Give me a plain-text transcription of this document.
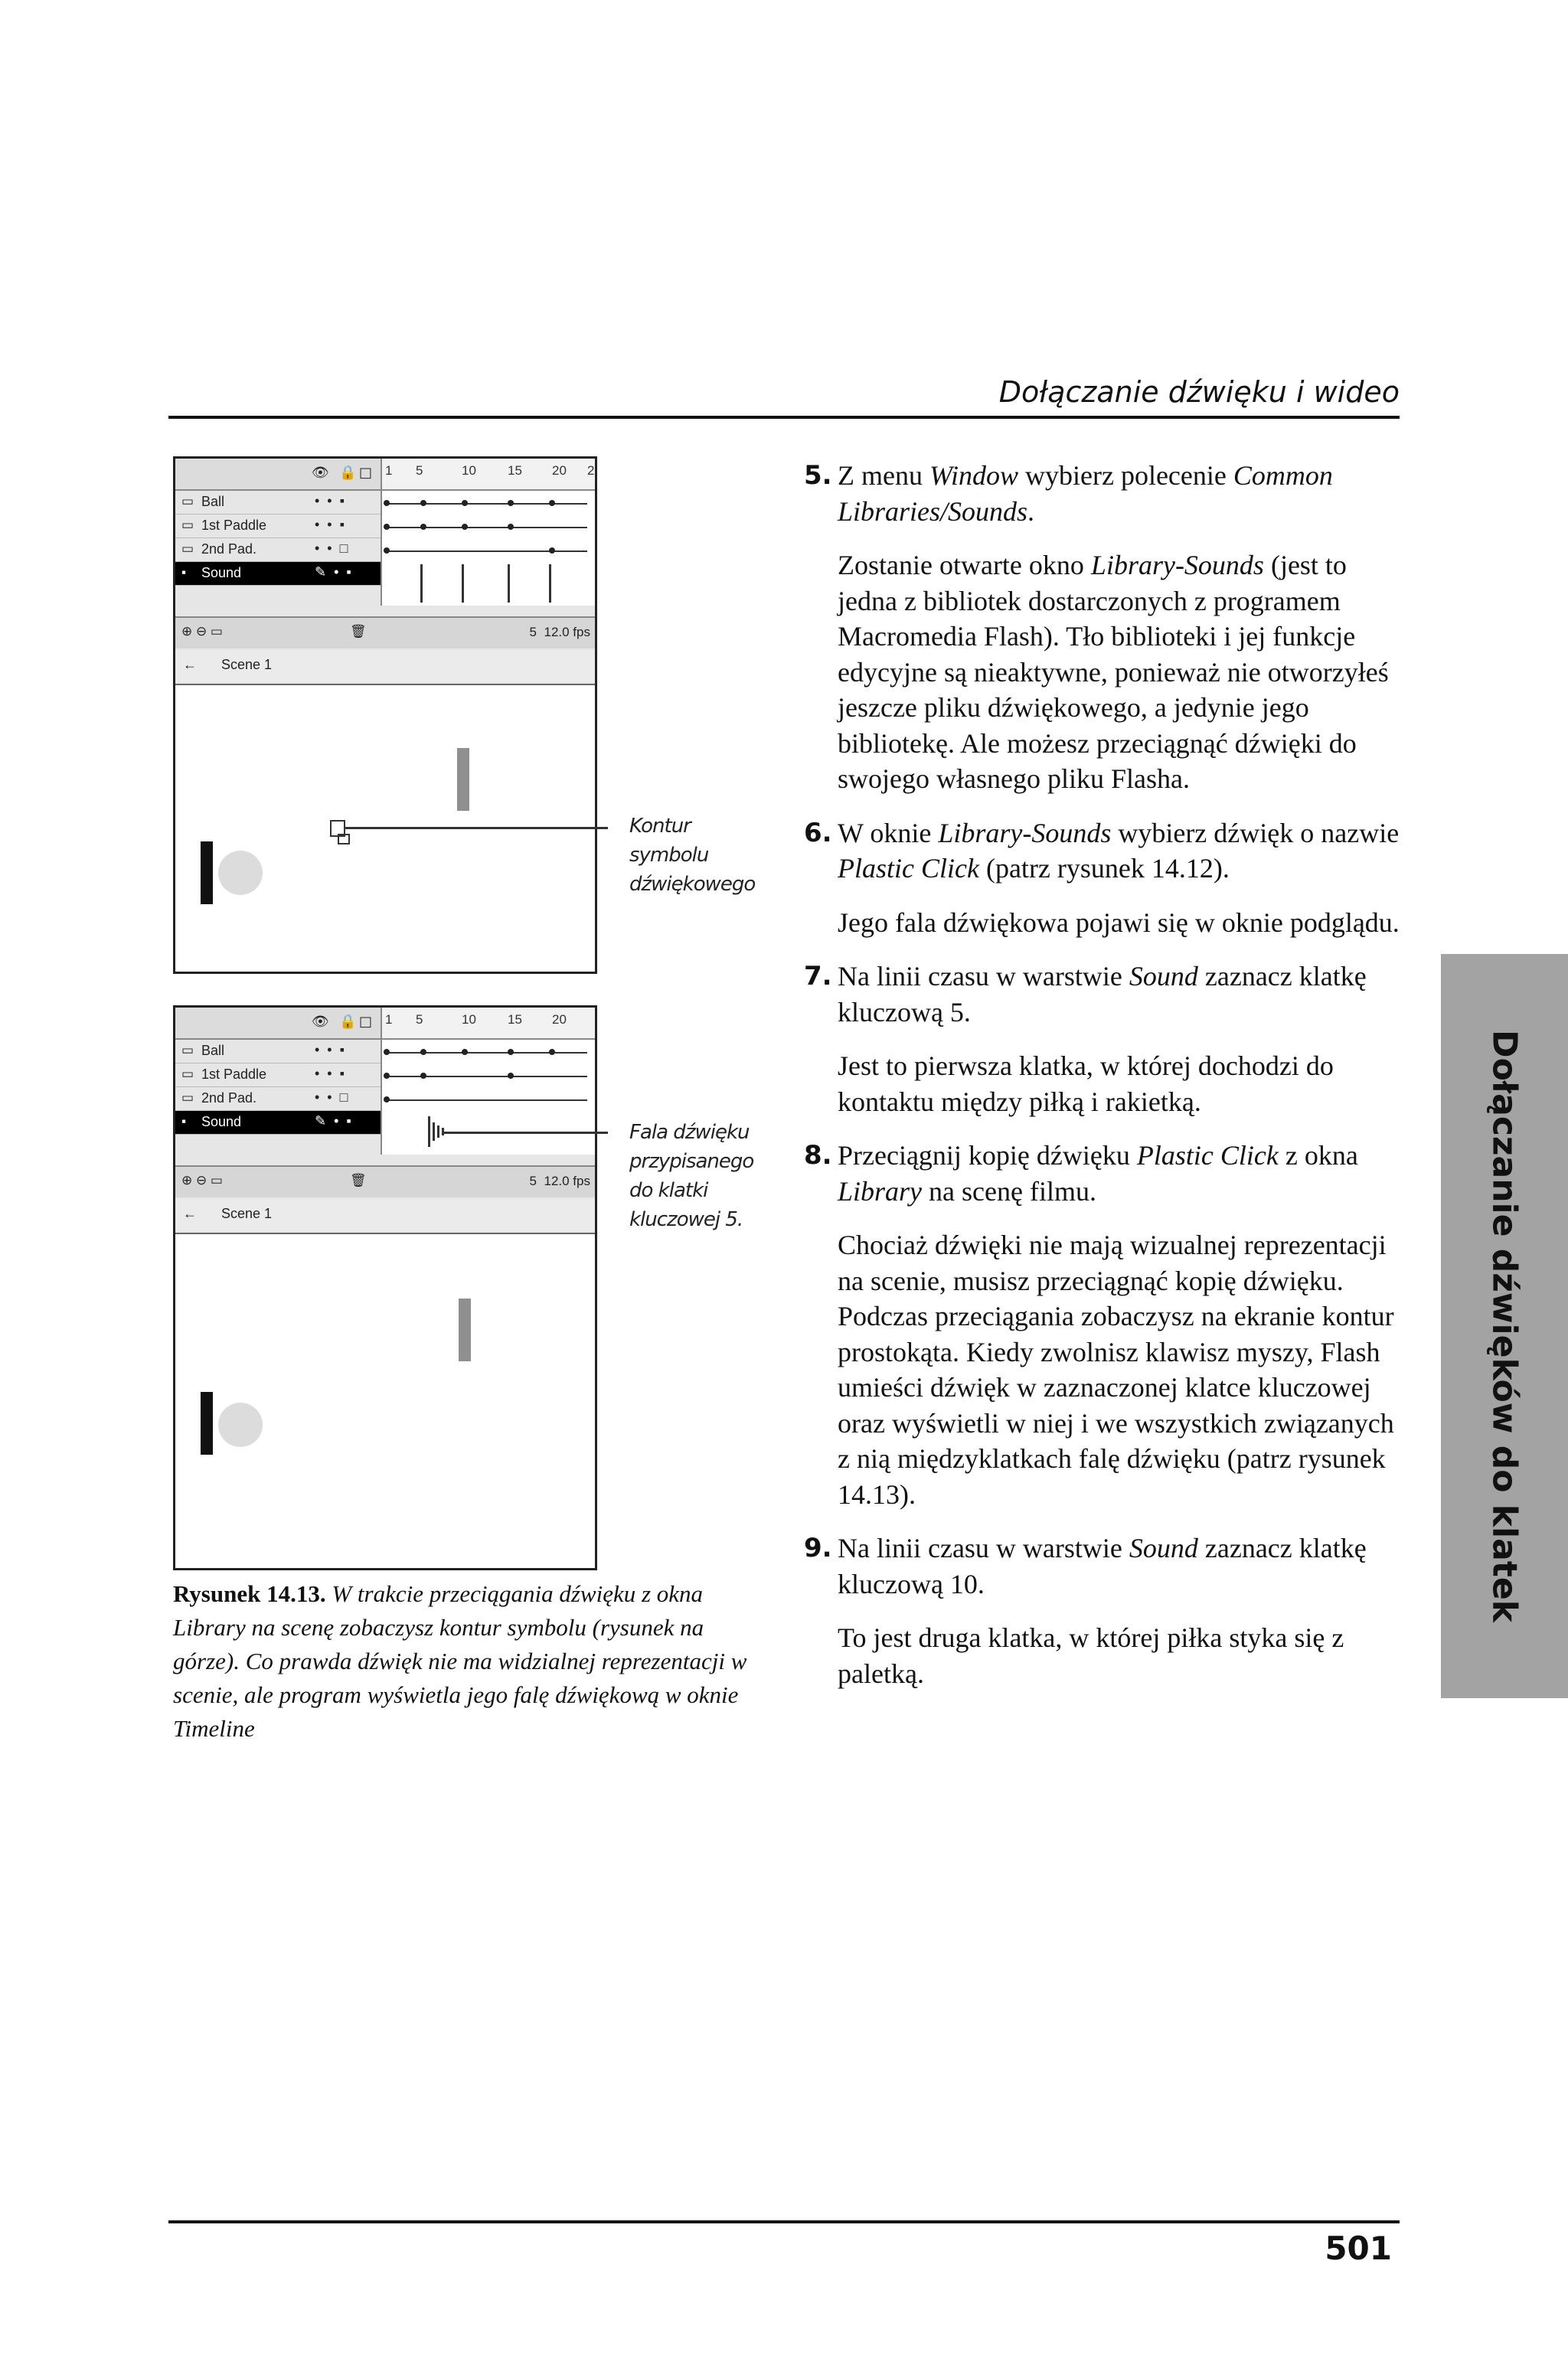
Dołączanie dźwięku i wideo
👁 🔒 □ 1 5	10 15 20 2
▭ Ball	••▪
▭ 1st Paddle	••▪
▭ 2nd Pad.	••□
▪ Sound	✎•▪
⊕ ⊖ ▭	🗑	5 12.0 fps
← Scene 1
Kontur
symbolu
dźwiękowego
👁 🔒 □ 1 5	10 15 20
▭ Ball	••▪
▭ 1st Paddle	••▪
▭ 2nd Pad.	••□
▪ Sound	✎•▪
⊕ ⊖ ▭	🗑	5 12.0 fps
← Scene 1
Fala dźwięku
przypisanego
do klatki
kluczowej 5.
Rysunek 14.13. W trakcie przeciągania dźwięku z okna Library na scenę zobaczysz kontur symbolu (rysunek na górze). Co prawda dźwięk nie ma widzialnej reprezentacji w scenie, ale program wyświetla jego falę dźwiękową w oknie Timeline
5. Z menu Window wybierz polecenie Common Libraries/Sounds.
Zostanie otwarte okno Library-Sounds (jest to jedna z bibliotek dostarczonych z programem Macromedia Flash). Tło biblioteki i jej funkcje edycyjne są nieaktywne, ponieważ nie otworzyłeś jeszcze pliku dźwiękowego, a jedynie jego bibliotekę. Ale możesz przeciągnąć dźwięki do swojego własnego pliku Flasha.
6. W oknie Library-Sounds wybierz dźwięk o nazwie Plastic Click (patrz rysunek 14.12).
Jego fala dźwiękowa pojawi się w oknie podglądu.
7. Na linii czasu w warstwie Sound zaznacz klatkę kluczową 5.
Jest to pierwsza klatka, w której dochodzi do kontaktu między piłką i rakietką.
8. Przeciągnij kopię dźwięku Plastic Click z okna Library na scenę filmu.
Chociaż dźwięki nie mają wizualnej reprezentacji na scenie, musisz przeciągnąć kopię dźwięku. Podczas przeciągania zobaczysz na ekranie kontur prostokąta. Kiedy zwolnisz klawisz myszy, Flash umieści dźwięk w zaznaczonej klatce kluczowej oraz wyświetli w niej i we wszystkich związanych z nią międzyklatkach falę dźwięku (patrz rysunek 14.13).
9. Na linii czasu w warstwie Sound zaznacz klatkę kluczową 10.
To jest druga klatka, w której piłka styka się z paletką.
Dołączanie dźwięków do klatek
501
